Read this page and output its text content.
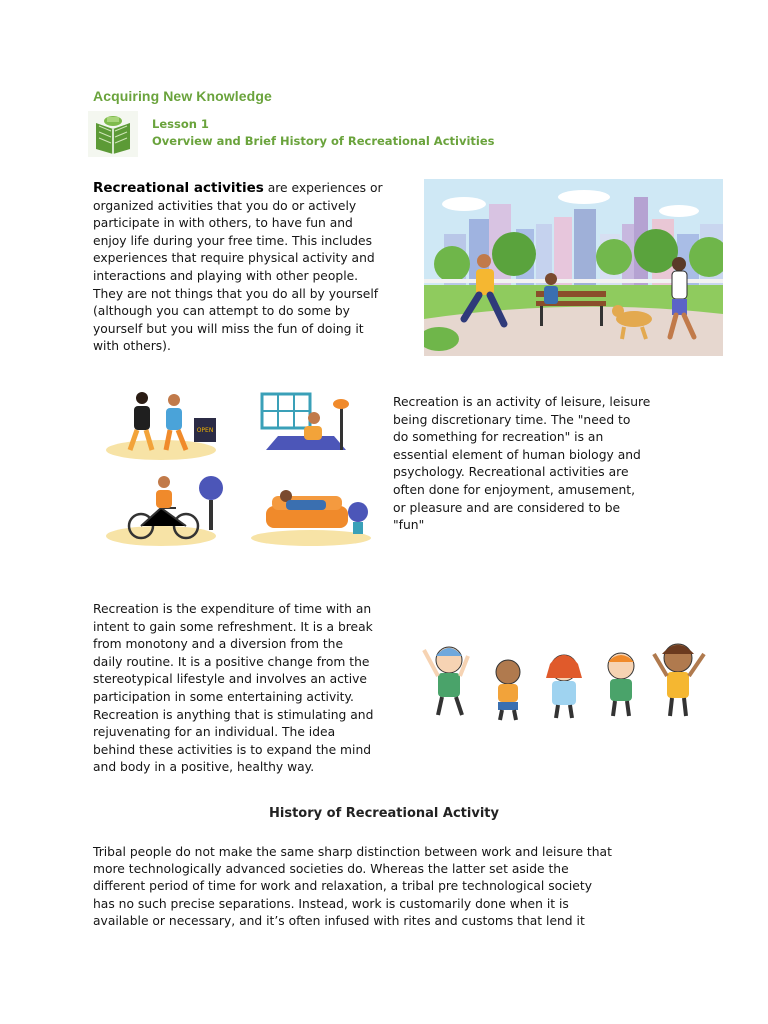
Acquiring New Knowledge
Lesson 1
Overview and Brief History of Recreational Activities
Recreational activities are experiences or
organized activities that you do or actively
participate in with others, to have fun and
enjoy life during your free time. This includes
experiences that require physical activity and
interactions and playing with other people.
They are not things that you do all by yourself
(although you can attempt to do some by
yourself but you will miss the fun of doing it
with others).
OPEN
Recreation is an activity of leisure, leisure
being discretionary time. The "need to
do something for recreation" is an
essential element of human biology and
psychology. Recreational activities are
often done for enjoyment, amusement,
or pleasure and are considered to be
"fun"
Recreation is the expenditure of time with an
intent to gain some refreshment. It is a break
from monotony and a diversion from the
daily routine. It is a positive change from the
stereotypical lifestyle and involves an active
participation in some entertaining activity.
Recreation is anything that is stimulating and
rejuvenating for an individual. The idea
behind these activities is to expand the mind
and body in a positive, healthy way.
History of Recreational Activity
Tribal people do not make the same sharp distinction between work and leisure that
more technologically advanced societies do. Whereas the latter set aside the
different period of time for work and relaxation, a tribal pre technological society
has no such precise separations. Instead, work is customarily done when it is
available or necessary, and it’s often infused with rites and customs that lend it
